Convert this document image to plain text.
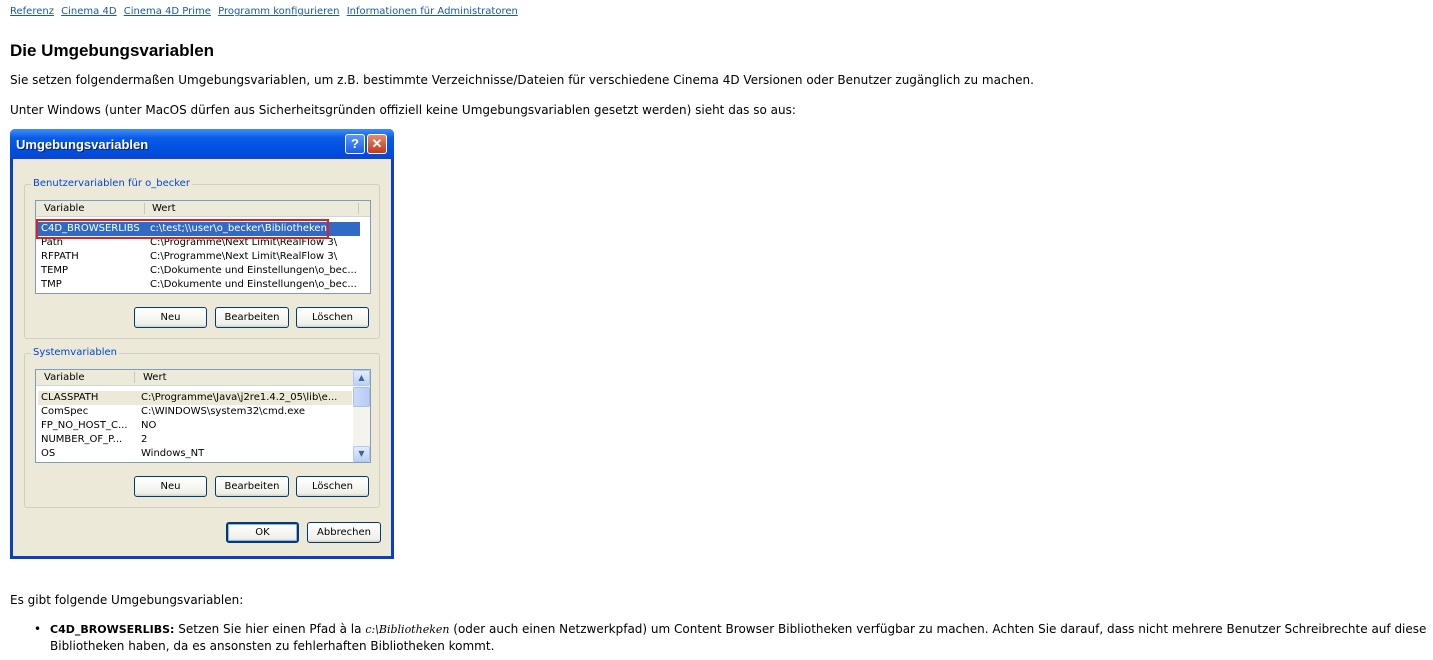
Referenz Cinema 4D Cinema 4D Prime Programm konfigurieren Informationen für Administratoren
Die Umgebungsvariablen

Sie setzen folgendermaßen Umgebungsvariablen, um z.B. bestimmte Verzeichnisse/Dateien für verschiedene Cinema 4D Versionen oder Benutzer zugänglich zu machen.

Unter Windows (unter MacOS dürfen aus Sicherheitsgründen offiziell keine Umgebungsvariablen gesetzt werden) sieht das so aus:

Umgebungsvariablen	? ✕
Benutzervariablen für o_becker
Variable	Wert
C4D_BROWSERLIBS c:\test;\\user\o_becker\Bibliotheken
Path	C:\Programme\Next Limit\RealFlow 3\
RFPATH	C:\Programme\Next Limit\RealFlow 3\
TEMP	C:\Dokumente und Einstellungen\o_bec...
TMP	C:\Dokumente und Einstellungen\o_bec...
Neu	Bearbeiten	Löschen
Systemvariablen
Variable	Wert
CLASSPATH	C:\Programme\Java\j2re1.4.2_05\lib\e...
ComSpec	C:\WINDOWS\system32\cmd.exe
FP_NO_HOST_C... NO
NUMBER_OF_P... 2
OS	Windows_NT
▲
▼
Neu	Bearbeiten	Löschen
OK	Abbrechen

Es gibt folgende Umgebungsvariablen:

• C4D_BROWSERLIBS: Setzen Sie hier einen Pfad à la c:\Bibliotheken (oder auch einen Netzwerkpfad) um Content Browser Bibliotheken verfügbar zu machen. Achten Sie darauf, dass nicht mehrere Benutzer Schreibrechte auf diese Bibliotheken haben, da es ansonsten zu fehlerhaften Bibliotheken kommt.
